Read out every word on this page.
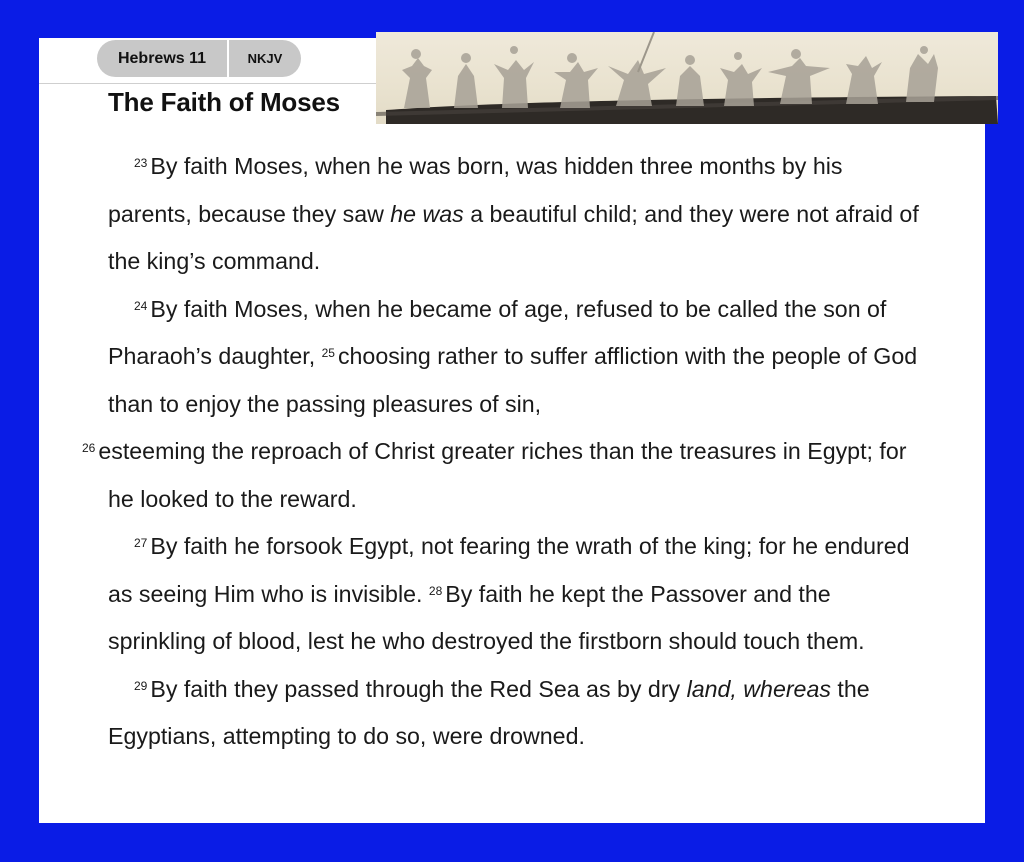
Hebrews 11	NKJV
The Faith of Moses

$^{23}$ By faith Moses, when he was born, was hidden three months by his parents, because they saw he was a beautiful child; and they were not afraid of the king’s command.

$^{24}$ By faith Moses, when he became of age, refused to be called the son of Pharaoh’s daughter, $^{25}$ choosing rather to suffer affliction with the people of God than to enjoy the passing pleasures of sin,
$^{26}$ esteeming the reproach of Christ greater riches than the treasures in Egypt; for he looked to the reward.

$^{27}$ By faith he forsook Egypt, not fearing the wrath of the king; for he endured as seeing Him who is invisible. $^{28}$ By faith he kept the Passover and the sprinkling of blood, lest he who destroyed the firstborn should touch them.

$^{29}$ By faith they passed through the Red Sea as by dry land, whereas the Egyptians, attempting to do so, were drowned.
